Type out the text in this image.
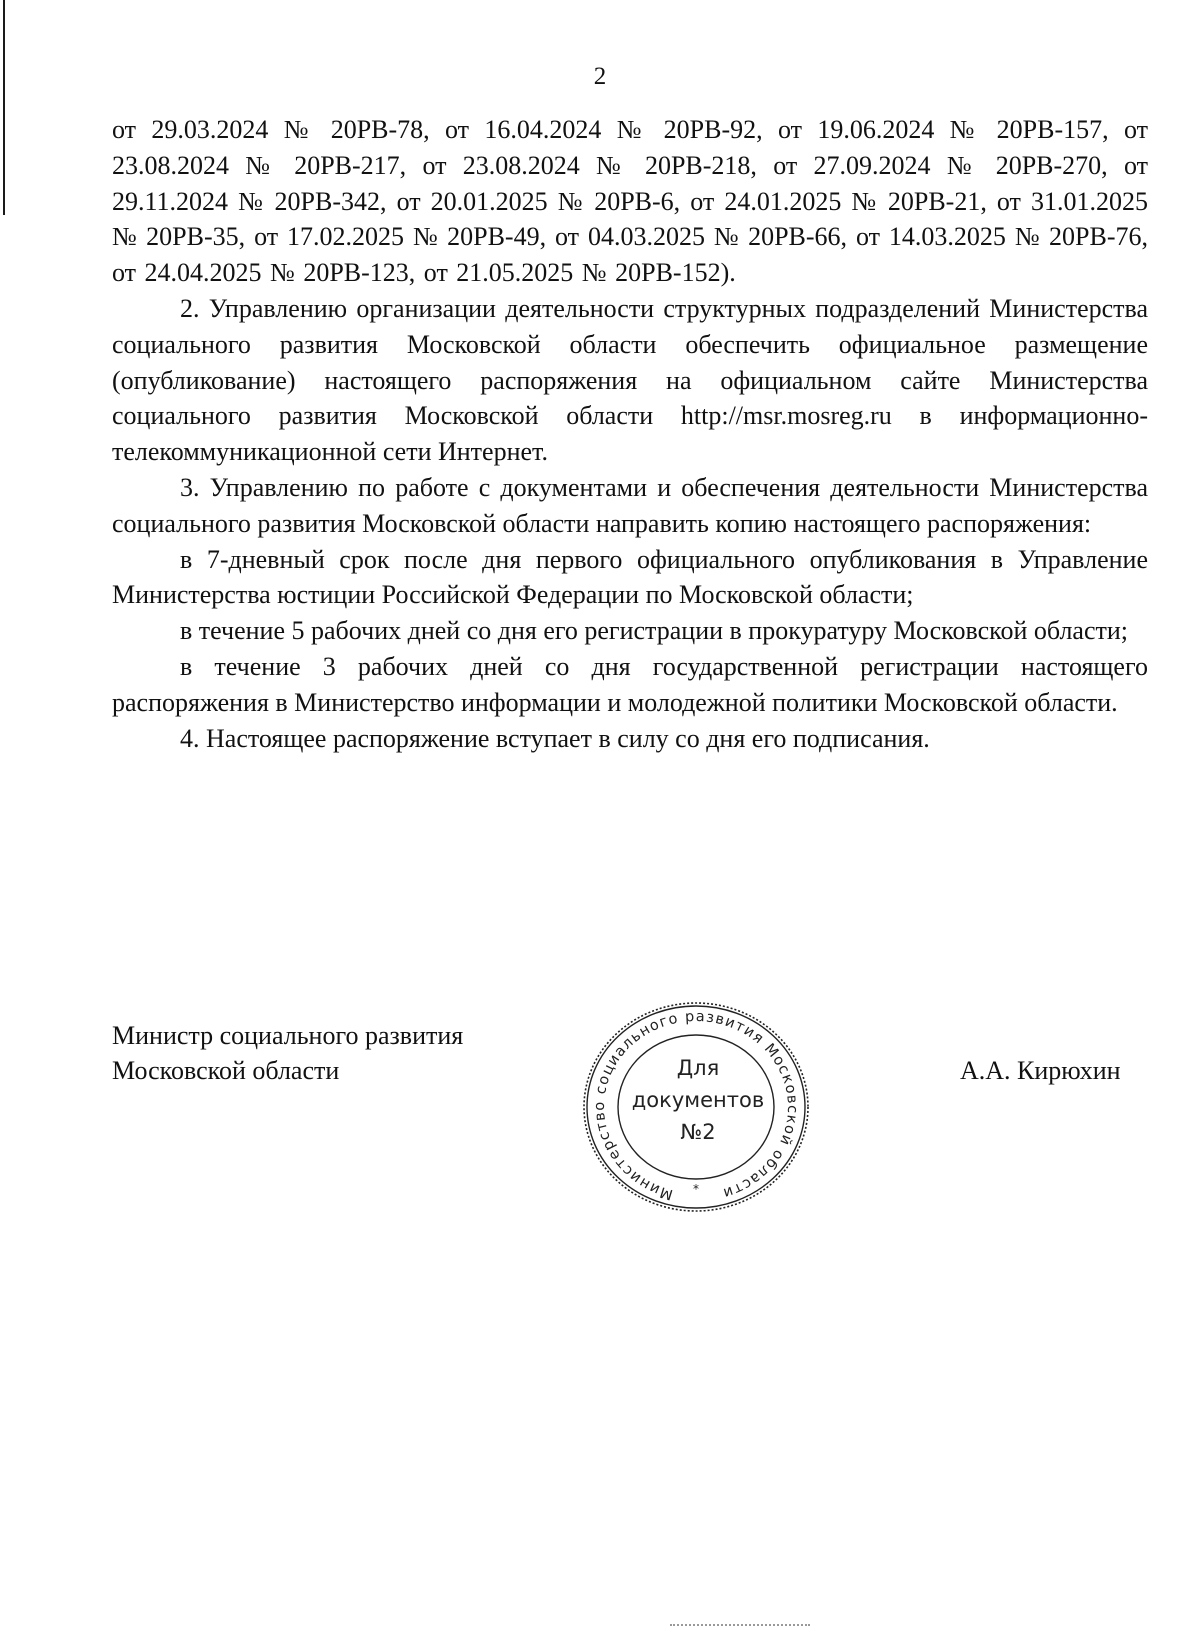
2

от 29.03.2024 № 20РВ-78, от 16.04.2024 № 20РВ-92, от 19.06.2024 № 20РВ-157, от 23.08.2024 № 20РВ-217, от 23.08.2024 № 20РВ-218, от 27.09.2024 № 20РВ-270, от 29.11.2024 № 20РВ-342, от 20.01.2025 № 20РВ-6, от 24.01.2025 № 20РВ-21, от 31.01.2025 № 20РВ-35, от 17.02.2025 № 20РВ-49, от 04.03.2025 № 20РВ-66, от 14.03.2025 № 20РВ-76, от 24.04.2025 № 20РВ-123, от 21.05.2025 № 20РВ-152).

2. Управлению организации деятельности структурных подразделений Министерства социального развития Московской области обеспечить официальное размещение (опубликование) настоящего распоряжения на официальном сайте Министерства социального развития Московской области http://msr.mosreg.ru в информационно-телекоммуникационной сети Интернет.

3. Управлению по работе с документами и обеспечения деятельности Министерства социального развития Московской области направить копию настоящего распоряжения:

в 7-дневный срок после дня первого официального опубликования в Управление Министерства юстиции Российской Федерации по Московской области;

в течение 5 рабочих дней со дня его регистрации в прокуратуру Московской области;

в течение 3 рабочих дней со дня государственной регистрации настоящего распоряжения в Министерство информации и молодежной политики Московской области.

4. Настоящее распоряжение вступает в силу со дня его подписания.

Министр социального развития
Московской области	А.А. Кирюхин
Министерство социального развития Московской области
Для
документов
№2
*
